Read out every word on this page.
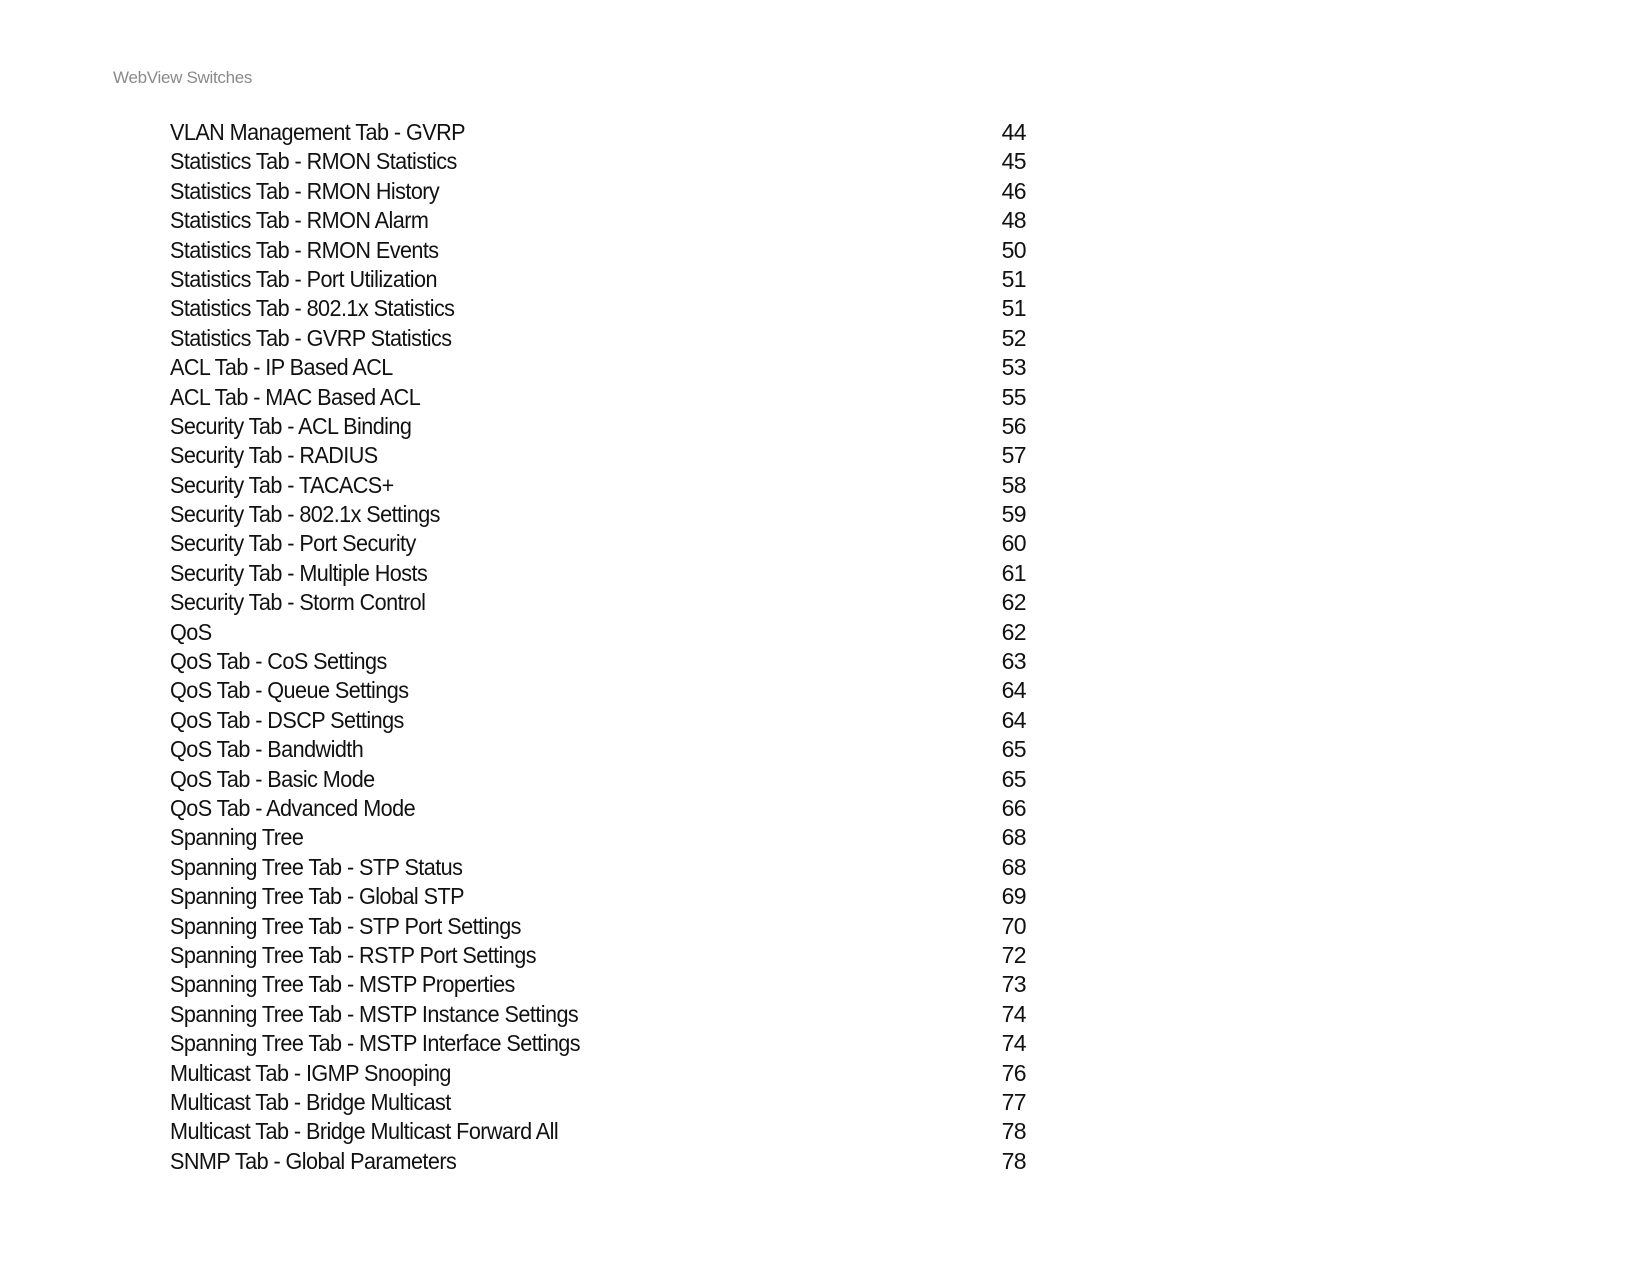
WebView Switches
VLAN Management Tab - GVRP	44
Statistics Tab - RMON Statistics	45
Statistics Tab - RMON History	46
Statistics Tab - RMON Alarm	48
Statistics Tab - RMON Events	50
Statistics Tab - Port Utilization	51
Statistics Tab - 802.1x Statistics	51
Statistics Tab - GVRP Statistics	52
ACL Tab - IP Based ACL	53
ACL Tab - MAC Based ACL	55
Security Tab - ACL Binding	56
Security Tab - RADIUS	57
Security Tab - TACACS+	58
Security Tab - 802.1x Settings	59
Security Tab - Port Security	60
Security Tab - Multiple Hosts	61
Security Tab - Storm Control	62
QoS	62
QoS Tab - CoS Settings	63
QoS Tab - Queue Settings	64
QoS Tab - DSCP Settings	64
QoS Tab - Bandwidth	65
QoS Tab - Basic Mode	65
QoS Tab - Advanced Mode	66
Spanning Tree	68
Spanning Tree Tab - STP Status	68
Spanning Tree Tab - Global STP	69
Spanning Tree Tab - STP Port Settings	70
Spanning Tree Tab - RSTP Port Settings	72
Spanning Tree Tab - MSTP Properties	73
Spanning Tree Tab - MSTP Instance Settings	74
Spanning Tree Tab - MSTP Interface Settings	74
Multicast Tab - IGMP Snooping	76
Multicast Tab - Bridge Multicast	77
Multicast Tab - Bridge Multicast Forward All	78
SNMP Tab - Global Parameters	78
